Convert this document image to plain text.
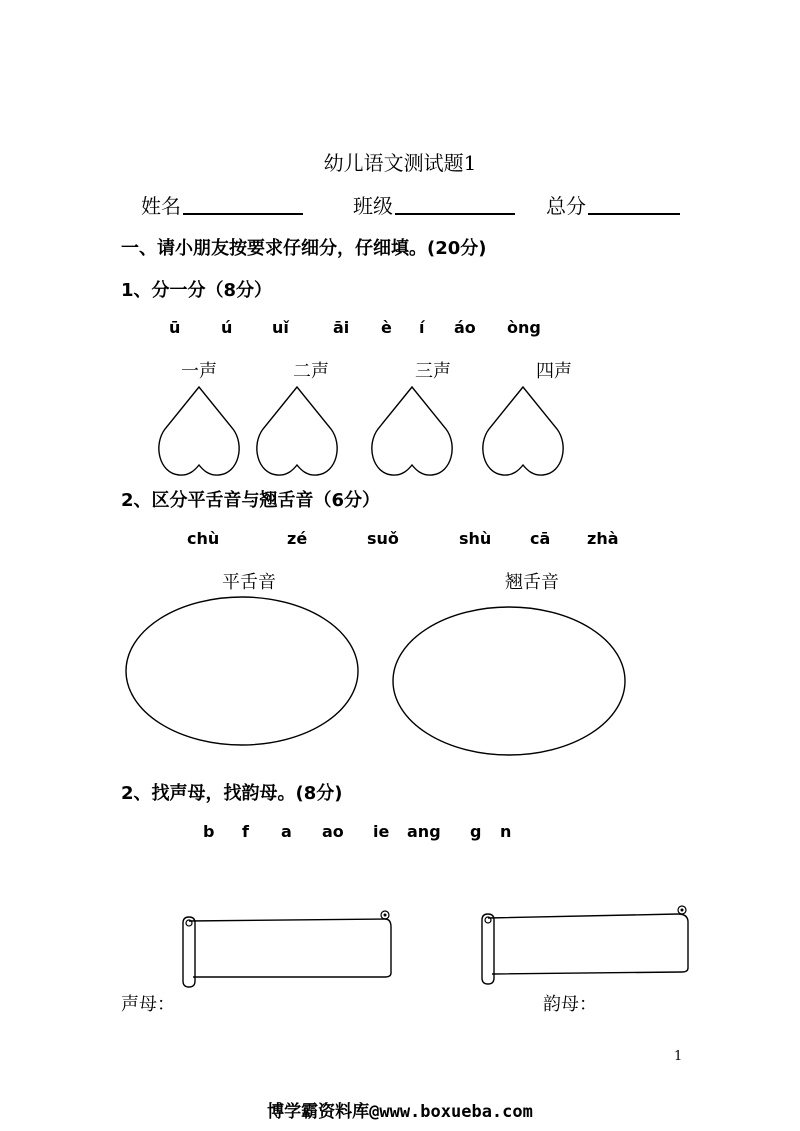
幼儿语文测试题1
姓名	班级	总分
一、请小朋友按要求仔细分，仔细填。(20分)
1、分一分（8分）
ū	ú uǐ	āi è í áo òng
一声	二声	三声	四声
2、区分平舌音与翘舌音（6分）
chù	zé	suǒ	shù cā zhà
平舌音	翘舌音
2、找声母，找韵母。(8分)
b f a ao ie ang g n
声母：	韵母：
1
博学霸资料库@www.boxueba.com
